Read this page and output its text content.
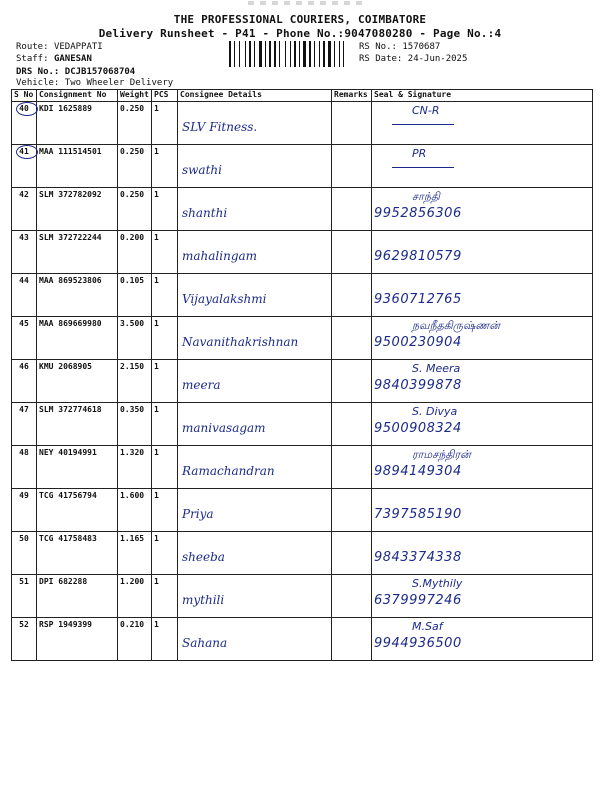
THE PROFESSIONAL COURIERS, COIMBATORE
Delivery Runsheet - P41 - Phone No.:9047080280 - Page No.:4
Route: VEDAPPATI
Staff: GANESAN
DRS No.: DCJB157068704
Vehicle: Two Wheeler Delivery
RS No.: 1570687
RS Date: 24-Jun-2025
S No	Consignment No	Weight	PCS	Consignee Details	Remarks	Seal & Signature

40	KDI 1625889	0.250	1	SLV Fitness.		CN-R

41	MAA 111514501	0.250	1	swathi		PR

42	SLM 372782092	0.250	1	shanthi		சாந்தி
9952856306

43	SLM 372722244	0.200	1	mahalingam		9629810579

44	MAA 869523806	0.105	1	Vijayalakshmi		9360712765

45	MAA 869669980	3.500	1	Navanithakrishnan		நவநீதகிருஷ்ணன்
9500230904

46	KMU 2068905	2.150	1	meera		S. Meera
9840399878

47	SLM 372774618	0.350	1	manivasagam		S. Divya
9500908324

48	NEY 40194991	1.320	1	Ramachandran		ராமசந்திரன்
9894149304

49	TCG 41756794	1.600	1	Priya		7397585190

50	TCG 41758483	1.165	1	sheeba		9843374338

51	DPI 682288	1.200	1	mythili		S.Mythily
6379997246

52	RSP 1949399	0.210	1	Sahana		M.Saf
9944936500
